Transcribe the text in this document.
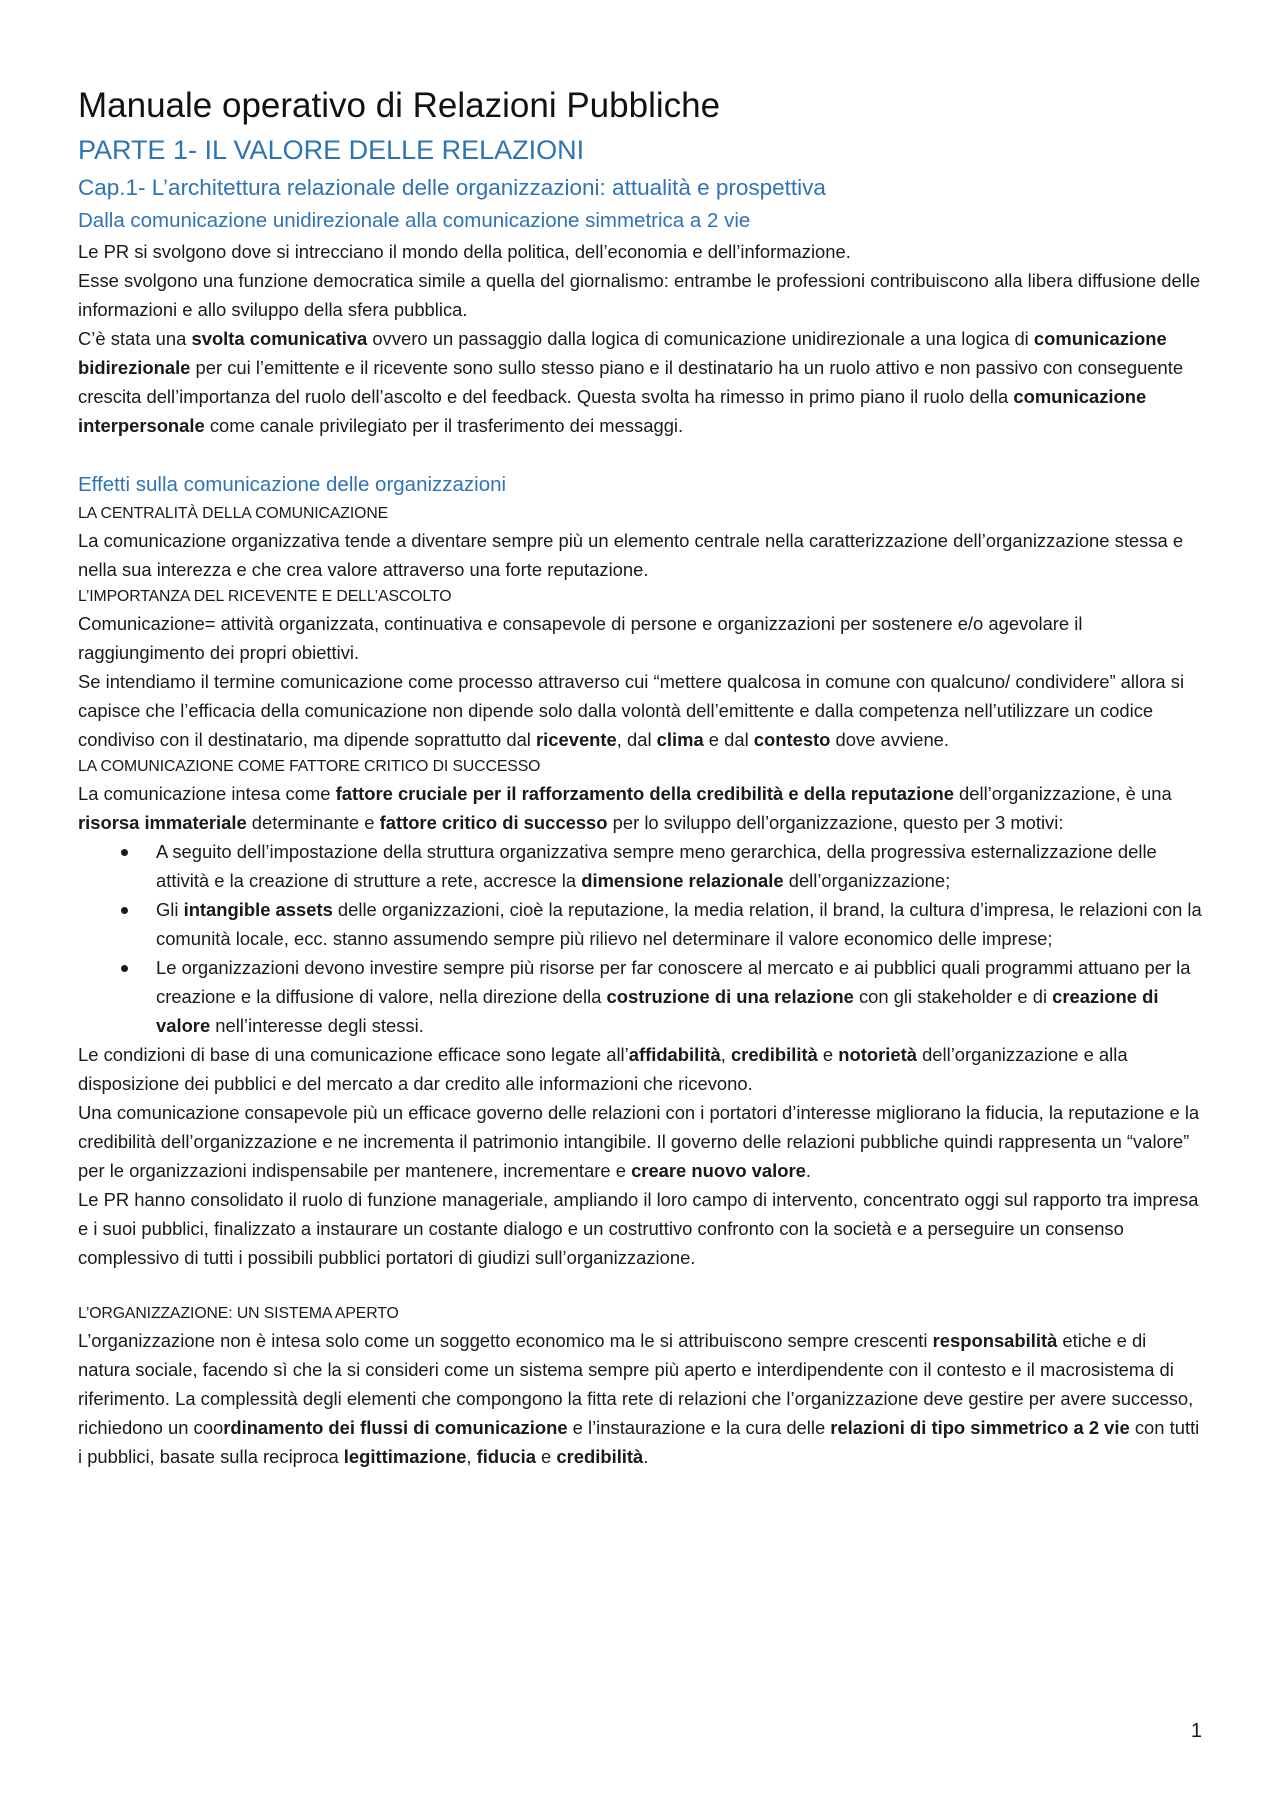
Manuale operativo di Relazioni Pubbliche
PARTE 1- IL VALORE DELLE RELAZIONI
Cap.1- L’architettura relazionale delle organizzazioni: attualità e prospettiva
Dalla comunicazione unidirezionale alla comunicazione simmetrica a 2 vie

Le PR si svolgono dove si intrecciano il mondo della politica, dell’economia e dell’informazione.

Esse svolgono una funzione democratica simile a quella del giornalismo: entrambe le professioni contribuiscono alla libera diffusione delle informazioni e allo sviluppo della sfera pubblica.

C’è stata una svolta comunicativa ovvero un passaggio dalla logica di comunicazione unidirezionale a una logica di comunicazione bidirezionale per cui l’emittente e il ricevente sono sullo stesso piano e il destinatario ha un ruolo attivo e non passivo con conseguente crescita dell’importanza del ruolo dell’ascolto e del feedback. Questa svolta ha rimesso in primo piano il ruolo della comunicazione interpersonale come canale privilegiato per il trasferimento dei messaggi.

Effetti sulla comunicazione delle organizzazioni

LA CENTRALITÀ DELLA COMUNICAZIONE

La comunicazione organizzativa tende a diventare sempre più un elemento centrale nella caratterizzazione dell’organizzazione stessa e nella sua interezza e che crea valore attraverso una forte reputazione.

L’IMPORTANZA DEL RICEVENTE E DELL’ASCOLTO

Comunicazione= attività organizzata, continuativa e consapevole di persone e organizzazioni per sostenere e/o agevolare il raggiungimento dei propri obiettivi.

Se intendiamo il termine comunicazione come processo attraverso cui “mettere qualcosa in comune con qualcuno/ condividere” allora si capisce che l’efficacia della comunicazione non dipende solo dalla volontà dell’emittente e dalla competenza nell’utilizzare un codice condiviso con il destinatario, ma dipende soprattutto dal ricevente, dal clima e dal contesto dove avviene.

LA COMUNICAZIONE COME FATTORE CRITICO DI SUCCESSO

La comunicazione intesa come fattore cruciale per il rafforzamento della credibilità e della reputazione dell’organizzazione, è una risorsa immateriale determinante e fattore critico di successo per lo sviluppo dell’organizzazione, questo per 3 motivi:

A seguito dell’impostazione della struttura organizzativa sempre meno gerarchica, della progressiva esternalizzazione delle attività e la creazione di strutture a rete, accresce la dimensione relazionale dell’organizzazione;
Gli intangible assets delle organizzazioni, cioè la reputazione, la media relation, il brand, la cultura d’impresa, le relazioni con la comunità locale, ecc. stanno assumendo sempre più rilievo nel determinare il valore economico delle imprese;
Le organizzazioni devono investire sempre più risorse per far conoscere al mercato e ai pubblici quali programmi attuano per la creazione e la diffusione di valore, nella direzione della costruzione di una relazione con gli stakeholder e di creazione di valore nell’interesse degli stessi.

Le condizioni di base di una comunicazione efficace sono legate all’affidabilità, credibilità e notorietà dell’organizzazione e alla disposizione dei pubblici e del mercato a dar credito alle informazioni che ricevono.

Una comunicazione consapevole più un efficace governo delle relazioni con i portatori d’interesse migliorano la fiducia, la reputazione e la credibilità dell’organizzazione e ne incrementa il patrimonio intangibile. Il governo delle relazioni pubbliche quindi rappresenta un “valore” per le organizzazioni indispensabile per mantenere, incrementare e creare nuovo valore.

Le PR hanno consolidato il ruolo di funzione manageriale, ampliando il loro campo di intervento, concentrato oggi sul rapporto tra impresa e i suoi pubblici, finalizzato a instaurare un costante dialogo e un costruttivo confronto con la società e a perseguire un consenso complessivo di tutti i possibili pubblici portatori di giudizi sull’organizzazione.

L’ORGANIZZAZIONE: UN SISTEMA APERTO

L’organizzazione non è intesa solo come un soggetto economico ma le si attribuiscono sempre crescenti responsabilità etiche e di natura sociale, facendo sì che la si consideri come un sistema sempre più aperto e interdipendente con il contesto e il macrosistema di riferimento. La complessità degli elementi che compongono la fitta rete di relazioni che l’organizzazione deve gestire per avere successo, richiedono un coordinamento dei flussi di comunicazione e l’instaurazione e la cura delle relazioni di tipo simmetrico a 2 vie con tutti i pubblici, basate sulla reciproca legittimazione, fiducia e credibilità.

1
